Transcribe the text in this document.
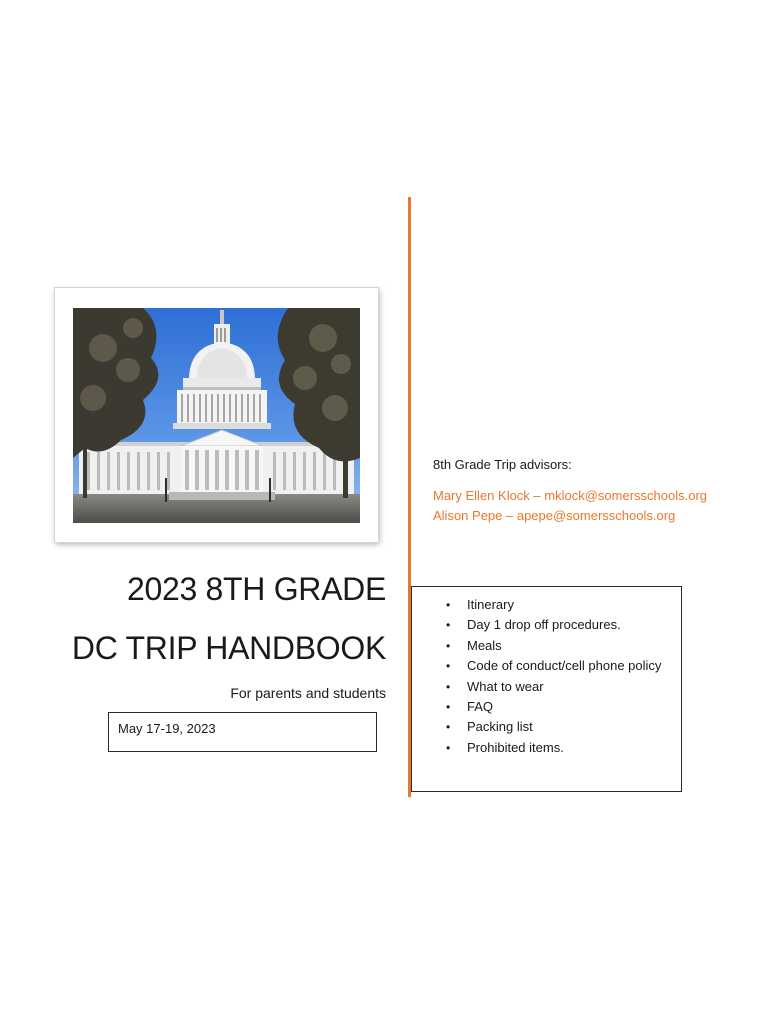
2023 8TH GRADE
DC TRIP HANDBOOK
For parents and students
May 17-19, 2023
8th Grade Trip advisors:
Mary Ellen Klock – mklock@somersschools.org
Alison Pepe – apepe@somersschools.org
• Itinerary
• Day 1 drop off procedures.
• Meals
• Code of conduct/cell phone policy
• What to wear
• FAQ
• Packing list
• Prohibited items.
